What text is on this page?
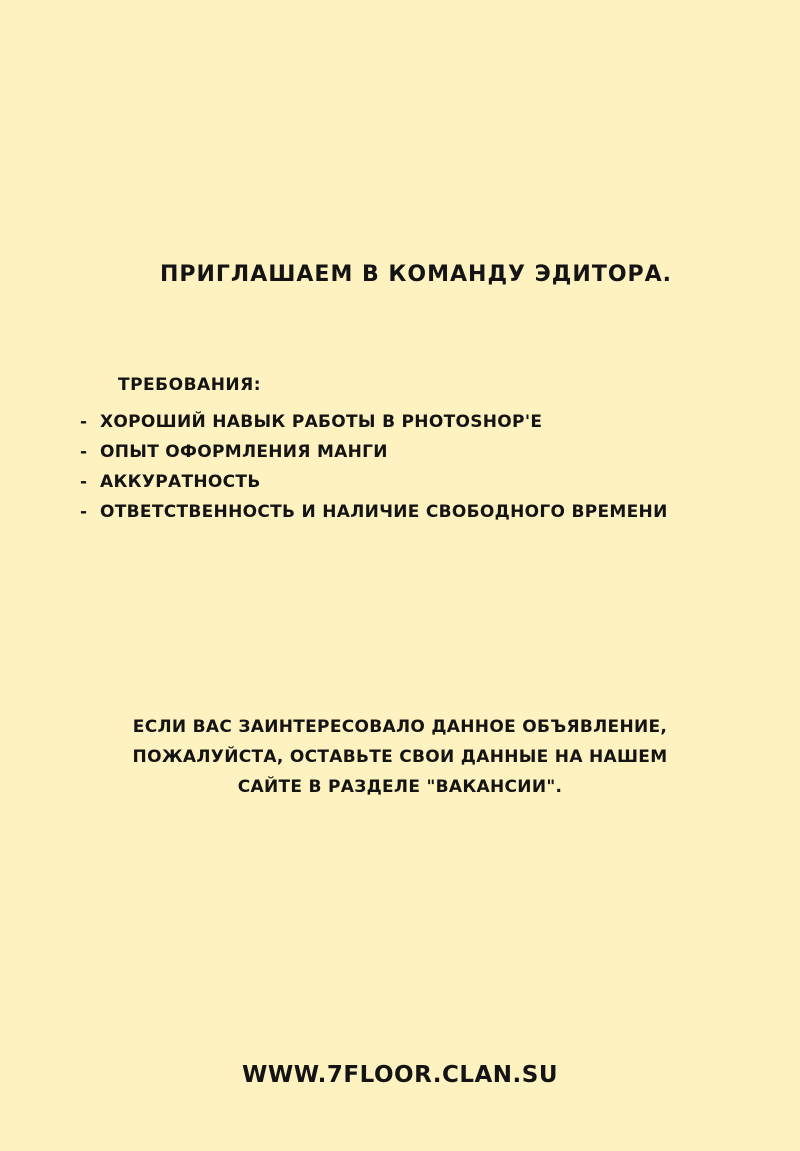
ПРИГЛАШАЕМ В КОМАНДУ ЭДИТОРА.
ТРЕБОВАНИЯ:
- ХОРОШИЙ НАВЫК РАБОТЫ В PHOTOSHOP'Е
- ОПЫТ ОФОРМЛЕНИЯ МАНГИ
- АККУРАТНОСТЬ
- ОТВЕТСТВЕННОСТЬ И НАЛИЧИЕ СВОБОДНОГО ВРЕМЕНИ
ЕСЛИ ВАС ЗАИНТЕРЕСОВАЛО ДАННОЕ ОБЪЯВЛЕНИЕ,
ПОЖАЛУЙСТА, ОСТАВЬТЕ СВОИ ДАННЫЕ НА НАШЕМ
САЙТЕ В РАЗДЕЛЕ "ВАКАНСИИ".
WWW.7FLOOR.CLAN.SU
